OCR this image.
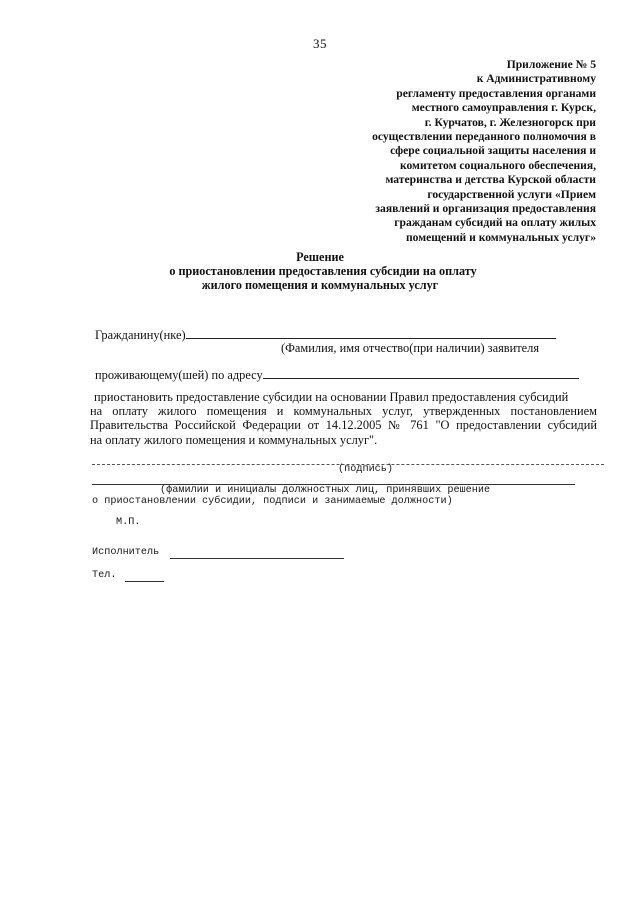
35
Приложение № 5
к Административному
регламенту предоставления органами
местного самоуправления г. Курск,
г. Курчатов, г. Железногорск при
осуществлении переданного полномочия в
сфере социальной защиты населения и
комитетом социального обеспечения,
материнства и детства Курской области
государственной услуги «Прием
заявлений и организация предоставления
гражданам субсидий на оплату жилых
помещений и коммунальных услуг»
Решение
о приостановлении предоставления субсидии на оплату
жилого помещения и коммунальных услуг
Гражданину(нке)
(Фамилия, имя отчество(при наличии) заявителя
проживающему(шей) по адресу
приостановить предоставление субсидии на основании Правил предоставления субсидий
на оплату жилого помещения и коммунальных услуг, утвержденных постановлением
Правительства Российской Федерации от 14.12.2005 № 761 "О предоставлении субсидий
на оплату жилого помещения и коммунальных услуг".
(подпись)
(фамилии и инициалы должностных лиц, принявших решение
о приостановлении субсидии, подписи и занимаемые должности)
М.П.
Исполнитель
Тел.
